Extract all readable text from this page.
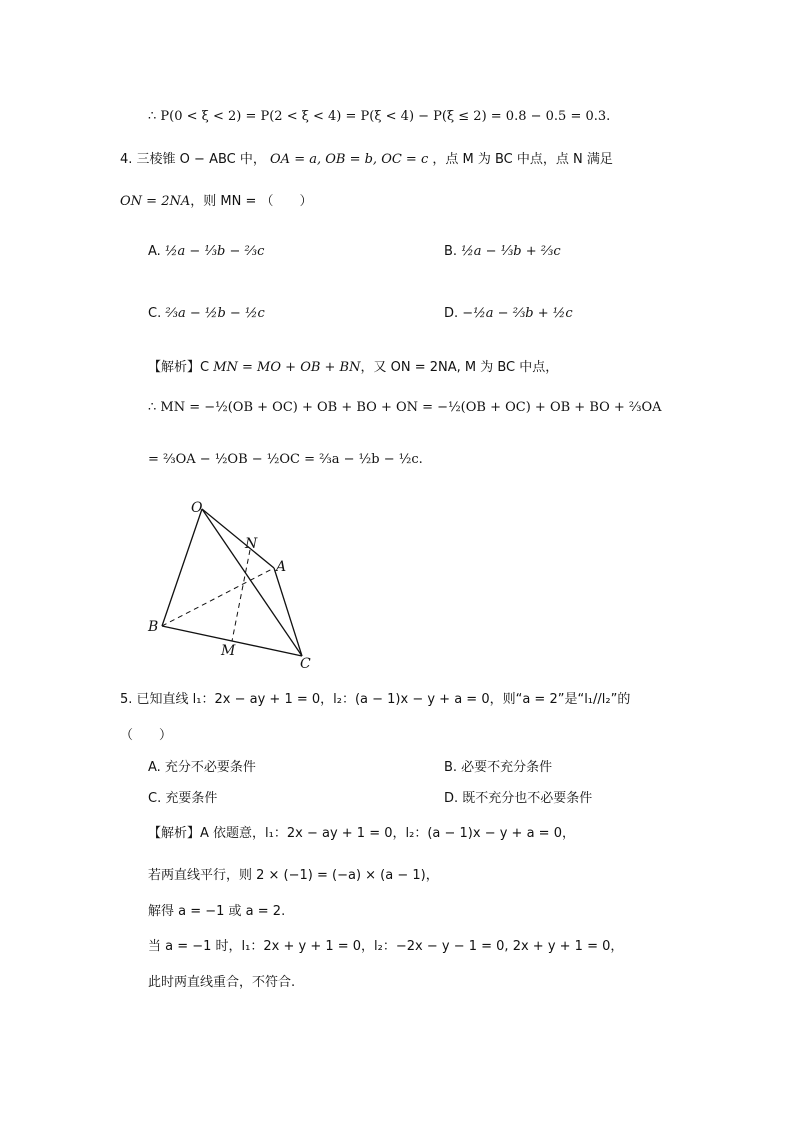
∴ P(0 < ξ < 2) = P(2 < ξ < 4) = P(ξ < 4) − P(ξ ≤ 2) = 0.8 − 0.5 = 0.3.
4. 三棱锥 O − ABC 中， OA = a, OB = b, OC = c ，点 M 为 BC 中点，点 N 满足
ON = 2NA，则 MN = （　　）
A. ½a − ⅓b − ⅔c	B. ½a − ⅓b + ⅔c
C. ⅔a − ½b − ½c	D. −½a − ⅔b + ½c
【解析】C MN = MO + OB + BN，又 ON = 2NA, M 为 BC 中点，
∴ MN = −½(OB + OC) + OB + BO + ON = −½(OB + OC) + OB + BO + ⅔OA
= ⅔OA − ½OB − ½OC = ⅔a − ½b − ½c.
O
N
A
B
M
C
5. 已知直线 l₁：2x − ay + 1 = 0，l₂：(a − 1)x − y + a = 0，则“a = 2”是“l₁//l₂”的
（　　）
A. 充分不必要条件	B. 必要不充分条件
C. 充要条件	D. 既不充分也不必要条件
【解析】A 依题意，l₁：2x − ay + 1 = 0，l₂：(a − 1)x − y + a = 0，
若两直线平行，则 2 × (−1) = (−a) × (a − 1)，
解得 a = −1 或 a = 2.
当 a = −1 时，l₁：2x + y + 1 = 0，l₂：−2x − y − 1 = 0, 2x + y + 1 = 0，
此时两直线重合，不符合.
